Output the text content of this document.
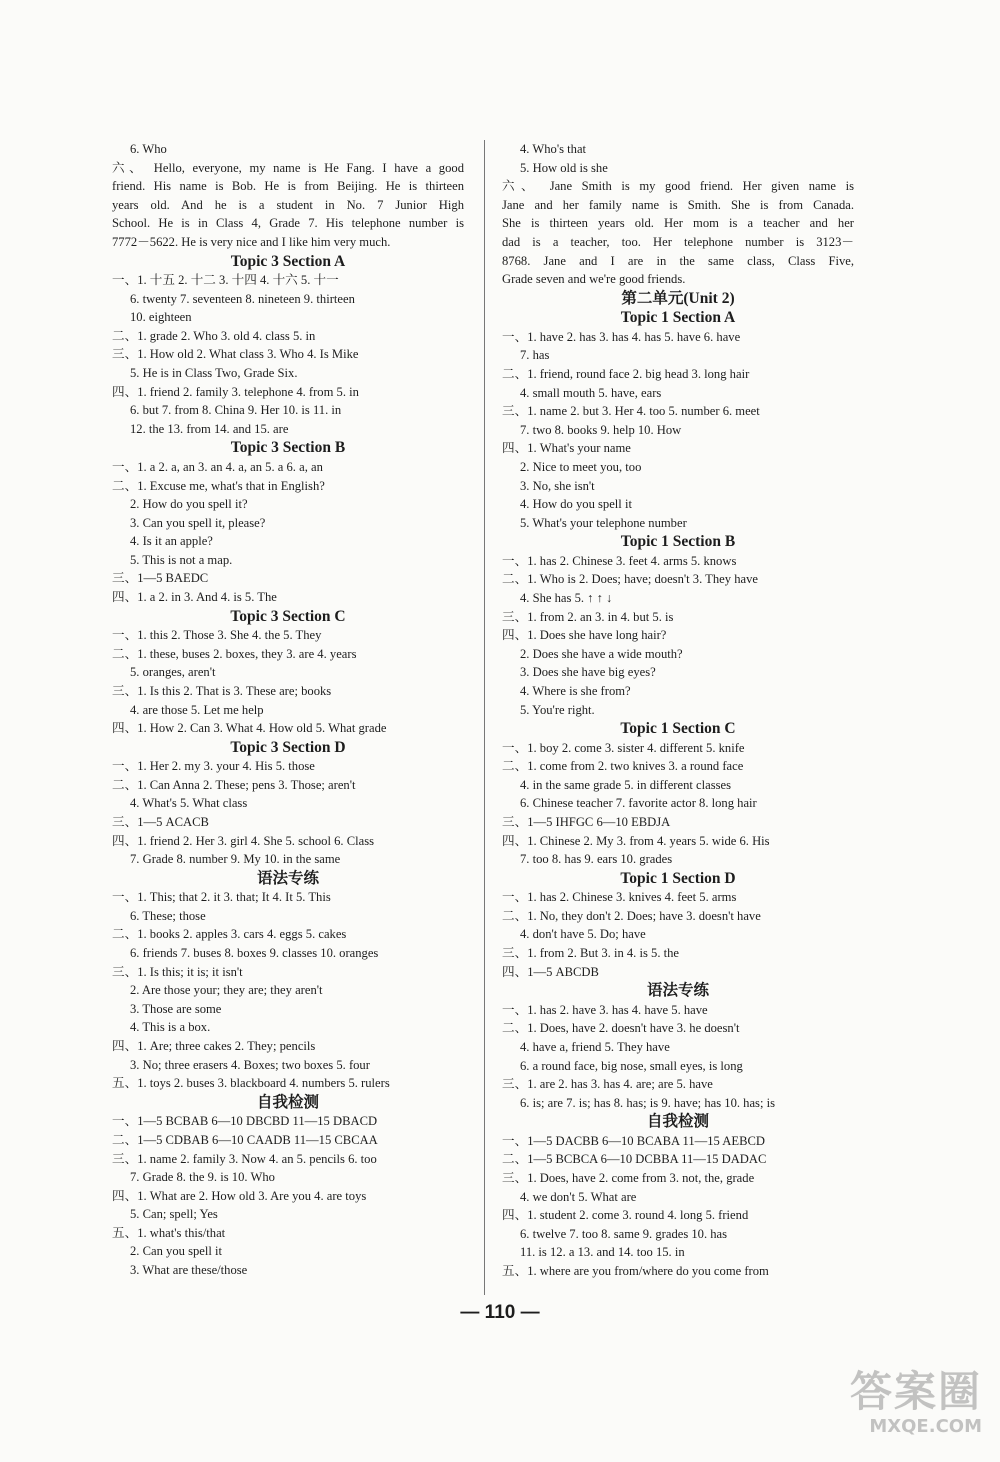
6. Who
六、 Hello, everyone, my name is He Fang. I have a good
friend. His name is Bob. He is from Beijing. He is thirteen
years old. And he is a student in No. 7 Junior High
School. He is in Class 4, Grade 7. His telephone number is
7772－5622. He is very nice and I like him very much.
Topic 3 Section A
一、1. 十五 2. 十二 3. 十四 4. 十六 5. 十一
6. twenty 7. seventeen 8. nineteen 9. thirteen
10. eighteen
二、1. grade 2. Who 3. old 4. class 5. in
三、1. How old 2. What class 3. Who 4. Is Mike
5. He is in Class Two, Grade Six.
四、1. friend 2. family 3. telephone 4. from 5. in
6. but 7. from 8. China 9. Her 10. is 11. in
12. the 13. from 14. and 15. are
Topic 3 Section B
一、1. a 2. a, an 3. an 4. a, an 5. a 6. a, an
二、1. Excuse me, what's that in English?
2. How do you spell it?
3. Can you spell it, please?
4. Is it an apple?
5. This is not a map.
三、1—5 BAEDC
四、1. a 2. in 3. And 4. is 5. The
Topic 3 Section C
一、1. this 2. Those 3. She 4. the 5. They
二、1. these, buses 2. boxes, they 3. are 4. years
5. oranges, aren't
三、1. Is this 2. That is 3. These are; books
4. are those 5. Let me help
四、1. How 2. Can 3. What 4. How old 5. What grade
Topic 3 Section D
一、1. Her 2. my 3. your 4. His 5. those
二、1. Can Anna 2. These; pens 3. Those; aren't
4. What's 5. What class
三、1—5 ACACB
四、1. friend 2. Her 3. girl 4. She 5. school 6. Class
7. Grade 8. number 9. My 10. in the same
语法专练
一、1. This; that 2. it 3. that; It 4. It 5. This
6. These; those
二、1. books 2. apples 3. cars 4. eggs 5. cakes
6. friends 7. buses 8. boxes 9. classes 10. oranges
三、1. Is this; it is; it isn't
2. Are those your; they are; they aren't
3. Those are some
4. This is a box.
四、1. Are; three cakes 2. They; pencils
3. No; three erasers 4. Boxes; two boxes 5. four
五、1. toys 2. buses 3. blackboard 4. numbers 5. rulers
自我检测
一、1—5 BCBAB 6—10 DBCBD 11—15 DBACD
二、1—5 CDBAB 6—10 CAADB 11—15 CBCAA
三、1. name 2. family 3. Now 4. an 5. pencils 6. too
7. Grade 8. the 9. is 10. Who
四、1. What are 2. How old 3. Are you 4. are toys
5. Can; spell; Yes
五、1. what's this/that
2. Can you spell it
3. What are these/those
4. Who's that
5. How old is she
六、 Jane Smith is my good friend. Her given name is
Jane and her family name is Smith. She is from Canada.
She is thirteen years old. Her mom is a teacher and her
dad is a teacher, too. Her telephone number is 3123－
8768. Jane and I are in the same class, Class Five,
Grade seven and we're good friends.
第二单元(Unit 2)
Topic 1 Section A
一、1. have 2. has 3. has 4. has 5. have 6. have
7. has
二、1. friend, round face 2. big head 3. long hair
4. small mouth 5. have, ears
三、1. name 2. but 3. Her 4. too 5. number 6. meet
7. two 8. books 9. help 10. How
四、1. What's your name
2. Nice to meet you, too
3. No, she isn't
4. How do you spell it
5. What's your telephone number
Topic 1 Section B
一、1. has 2. Chinese 3. feet 4. arms 5. knows
二、1. Who is 2. Does; have; doesn't 3. They have
4. She has 5. ↑ ↑ ↓
三、1. from 2. an 3. in 4. but 5. is
四、1. Does she have long hair?
2. Does she have a wide mouth?
3. Does she have big eyes?
4. Where is she from?
5. You're right.
Topic 1 Section C
一、1. boy 2. come 3. sister 4. different 5. knife
二、1. come from 2. two knives 3. a round face
4. in the same grade 5. in different classes
6. Chinese teacher 7. favorite actor 8. long hair
三、1—5 IHFGC 6—10 EBDJA
四、1. Chinese 2. My 3. from 4. years 5. wide 6. His
7. too 8. has 9. ears 10. grades
Topic 1 Section D
一、1. has 2. Chinese 3. knives 4. feet 5. arms
二、1. No, they don't 2. Does; have 3. doesn't have
4. don't have 5. Do; have
三、1. from 2. But 3. in 4. is 5. the
四、1—5 ABCDB
语法专练
一、1. has 2. have 3. has 4. have 5. have
二、1. Does, have 2. doesn't have 3. he doesn't
4. have a, friend 5. They have
6. a round face, big nose, small eyes, is long
三、1. are 2. has 3. has 4. are; are 5. have
6. is; are 7. is; has 8. has; is 9. have; has 10. has; is
自我检测
一、1—5 DACBB 6—10 BCABA 11—15 AEBCD
二、1—5 BCBCA 6—10 DCBBA 11—15 DADAC
三、1. Does, have 2. come from 3. not, the, grade
4. we don't 5. What are
四、1. student 2. come 3. round 4. long 5. friend
6. twelve 7. too 8. same 9. grades 10. has
11. is 12. a 13. and 14. too 15. in
五、1. where are you from/where do you come from
— 110 —
答案圈
MXQE.COM
